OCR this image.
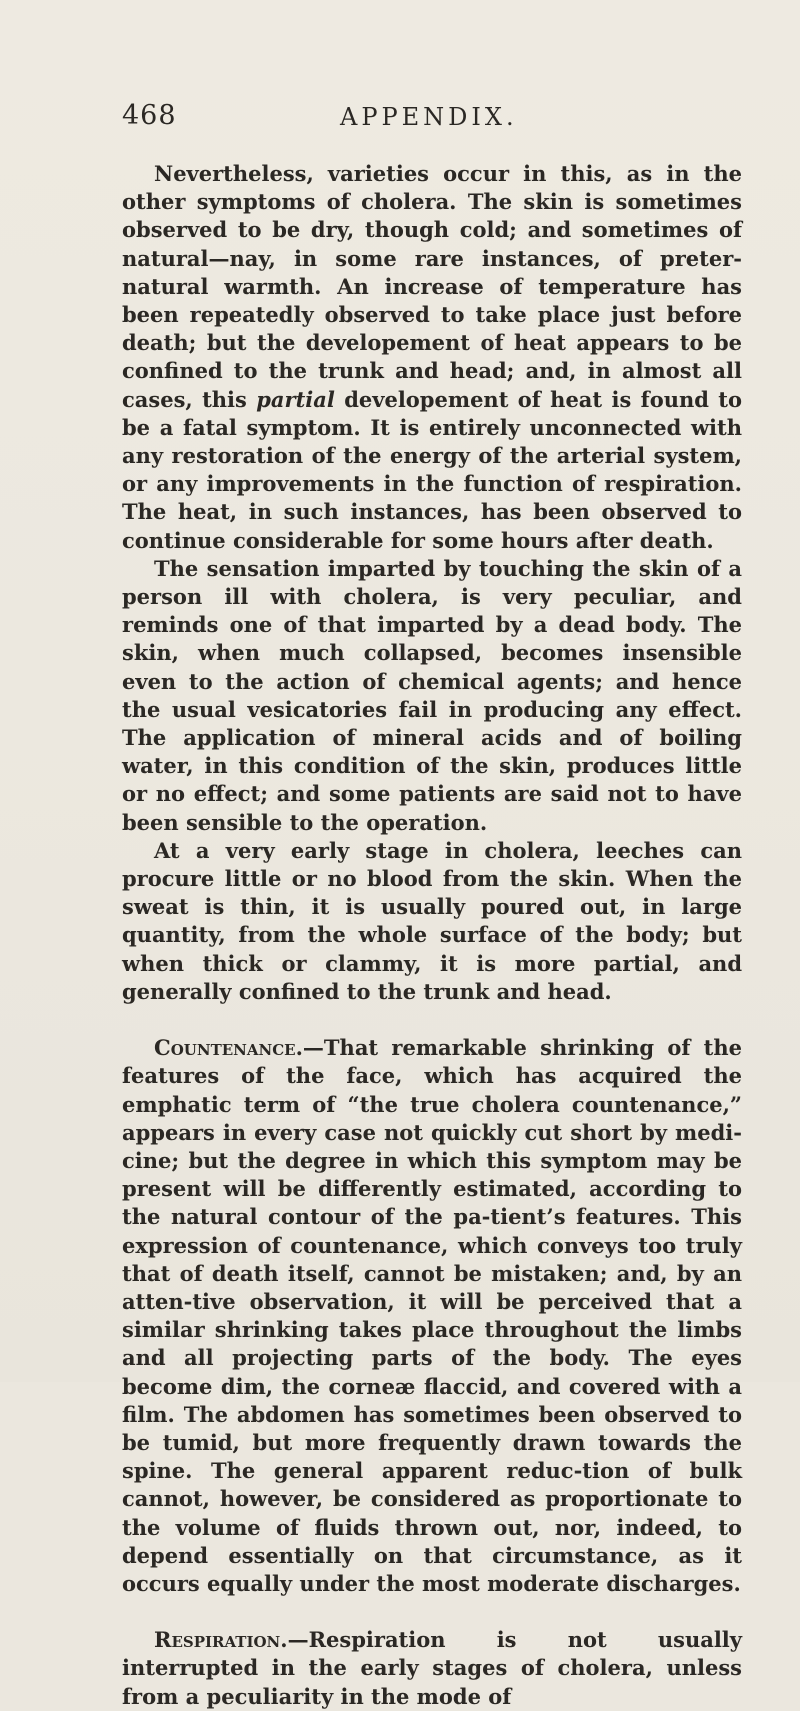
468	APPENDIX.

Nevertheless, varieties occur in this, as in the other symptoms of cholera. The skin is sometimes observed to be dry, though cold; and sometimes of natural—nay, in some rare instances, of preter-natural warmth. An increase of temperature has been repeatedly observed to take place just before death; but the developement of heat appears to be confined to the trunk and head; and, in almost all cases, this partial developement of heat is found to be a fatal symptom. It is entirely unconnected with any restoration of the energy of the arterial system, or any improvements in the function of respiration. The heat, in such instances, has been observed to continue considerable for some hours after death.

The sensation imparted by touching the skin of a person ill with cholera, is very peculiar, and reminds one of that imparted by a dead body. The skin, when much collapsed, becomes insensible even to the action of chemical agents; and hence the usual vesicatories fail in producing any effect. The application of mineral acids and of boiling water, in this condition of the skin, produces little or no effect; and some patients are said not to have been sensible to the operation.

At a very early stage in cholera, leeches can procure little or no blood from the skin. When the sweat is thin, it is usually poured out, in large quantity, from the whole surface of the body; but when thick or clammy, it is more partial, and generally confined to the trunk and head.

Countenance.—That remarkable shrinking of the features of the face, which has acquired the emphatic term of “the true cholera countenance,” appears in every case not quickly cut short by medi-cine; but the degree in which this symptom may be present will be differently estimated, according to the natural contour of the pa-tient’s features. This expression of countenance, which conveys too truly that of death itself, cannot be mistaken; and, by an atten-tive observation, it will be perceived that a similar shrinking takes place throughout the limbs and all projecting parts of the body. The eyes become dim, the corneæ flaccid, and covered with a film. The abdomen has sometimes been observed to be tumid, but more frequently drawn towards the spine. The general apparent reduc-tion of bulk cannot, however, be considered as proportionate to the volume of fluids thrown out, nor, indeed, to depend essentially on that circumstance, as it occurs equally under the most moderate discharges.

Respiration.—Respiration is not usually interrupted in the early stages of cholera, unless from a peculiarity in the mode of
